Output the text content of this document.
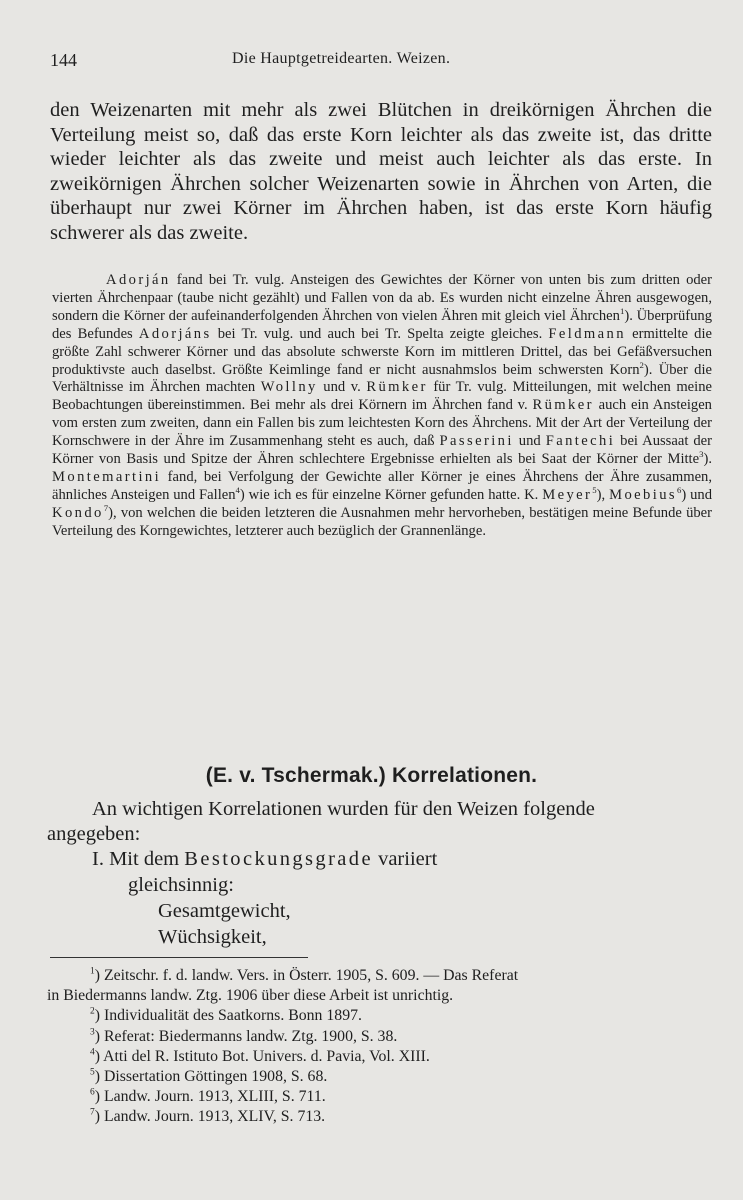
144	Die Hauptgetreidearten. Weizen.

den Weizenarten mit mehr als zwei Blütchen in dreikörnigen Ährchen die Verteilung meist so, daß das erste Korn leichter als das zweite ist, das dritte wieder leichter als das zweite und meist auch leichter als das erste. In zweikörnigen Ährchen solcher Weizenarten sowie in Ährchen von Arten, die überhaupt nur zwei Körner im Ährchen haben, ist das erste Korn häufig schwerer als das zweite.

Adorján fand bei Tr. vulg. Ansteigen des Gewichtes der Körner von unten bis zum dritten oder vierten Ährchenpaar (taube nicht gezählt) und Fallen von da ab. Es wurden nicht einzelne Ähren ausgewogen, sondern die Körner der aufeinanderfolgenden Ährchen von vielen Ähren mit gleich viel Ährchen$^1$). Überprüfung des Befundes Adorjáns bei Tr. vulg. und auch bei Tr. Spelta zeigte gleiches. Feldmann ermittelte die größte Zahl schwerer Körner und das absolute schwerste Korn im mittleren Drittel, das bei Gefäßversuchen produktivste auch daselbst. Größte Keimlinge fand er nicht ausnahmslos beim schwersten Korn$^2$). Über die Verhältnisse im Ährchen machten Wollny und v. Rümker für Tr. vulg. Mitteilungen, mit welchen meine Beobachtungen übereinstimmen. Bei mehr als drei Körnern im Ährchen fand v. Rümker auch ein Ansteigen vom ersten zum zweiten, dann ein Fallen bis zum leichtesten Korn des Ährchens. Mit der Art der Verteilung der Kornschwere in der Ähre im Zusammenhang steht es auch, daß Passerini und Fantechi bei Aussaat der Körner von Basis und Spitze der Ähren schlechtere Ergebnisse erhielten als bei Saat der Körner der Mitte$^3$). Montemartini fand, bei Verfolgung der Gewichte aller Körner je eines Ährchens der Ähre zusammen, ähnliches Ansteigen und Fallen$^4$) wie ich es für einzelne Körner gefunden hatte. K. Meyer$^5$), Moebius$^6$) und Kondo$^7$), von welchen die beiden letzteren die Ausnahmen mehr hervorheben, bestätigen meine Befunde über Verteilung des Korngewichtes, letzterer auch bezüglich der Grannenlänge.

(E. v. Tschermak.) Korrelationen.
An wichtigen Korrelationen wurden für den Weizen folgende
angegeben:
I. Mit dem Bestockungsgrade variiert
gleichsinnig:
Gesamtgewicht,
Wüchsigkeit,
$^1$) Zeitschr. f. d. landw. Vers. in Österr. 1905, S. 609. — Das Referat
in Biedermanns landw. Ztg. 1906 über diese Arbeit ist unrichtig.
$^2$) Individualität des Saatkorns. Bonn 1897.
$^3$) Referat: Biedermanns landw. Ztg. 1900, S. 38.
$^4$) Atti del R. Istituto Bot. Univers. d. Pavia, Vol. XIII.
$^5$) Dissertation Göttingen 1908, S. 68.
$^6$) Landw. Journ. 1913, XLIII, S. 711.
$^7$) Landw. Journ. 1913, XLIV, S. 713.
